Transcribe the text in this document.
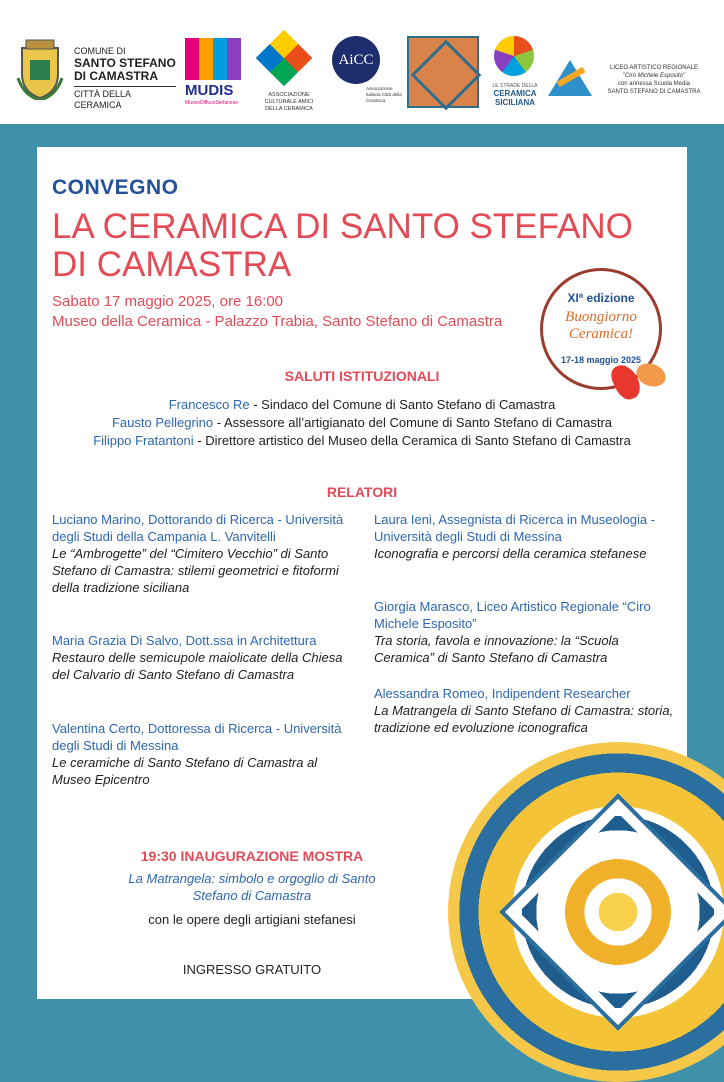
COMUNE DI
SANTO STEFANO
DI CAMASTRA
CITTÀ DELLA CERAMICA
MUDIS
MuseoDiffusoStefanese
ASSOCIAZIONE CULTURALE AMICI DELLA CERAMICA
AiCC
Associazione Italiana Città della Ceramica
LE STRADE DELLA
CERAMICA SICILIANA
LICEO ARTISTICO REGIONALE
"Ciro Michele Esposito"
con annessa Scuola Media
SANTO STEFANO DI CAMASTRA
CONVEGNO
LA CERAMICA DI SANTO STEFANO DI CAMASTRA
Sabato 17 maggio 2025, ore 16:00
Museo della Ceramica - Palazzo Trabia, Santo Stefano di Camastra
XIª edizione
Buongiorno Ceramica!
17-18 maggio 2025
SALUTI ISTITUZIONALI
Francesco Re - Sindaco del Comune di Santo Stefano di Camastra
Fausto Pellegrino - Assessore all’artigianato del Comune di Santo Stefano di Camastra
Filippo Fratantoni - Direttore artistico del Museo della Ceramica di Santo Stefano di Camastra
RELATORI
Luciano Marino, Dottorando di Ricerca - Università degli Studi della Campania L. Vanvitelli
Le “Ambrogette” del “Cimitero Vecchio” di Santo Stefano di Camastra: stilemi geometrici e fitoformi della tradizione siciliana
Maria Grazia Di Salvo, Dott.ssa in Architettura
Restauro delle semicupole maiolicate della Chiesa del Calvario di Santo Stefano di Camastra
Valentina Certo, Dottoressa di Ricerca - Università degli Studi di Messina
Le ceramiche di Santo Stefano di Camastra al Museo Epicentro
Laura Ieni, Assegnista di Ricerca in Museologia - Università degli Studi di Messina
Iconografia e percorsi della ceramica stefanese
Giorgia Marasco, Liceo Artistico Regionale “Ciro Michele Esposito”
Tra storia, favola e innovazione: la “Scuola Ceramica” di Santo Stefano di Camastra
Alessandra Romeo, Indipendent Researcher
La Matrangela di Santo Stefano di Camastra: storia, tradizione ed evoluzione iconografica
19:30 INAUGURAZIONE MOSTRA
La Matrangela: simbolo e orgoglio di Santo Stefano di Camastra
con le opere degli artigiani stefanesi
INGRESSO GRATUITO
